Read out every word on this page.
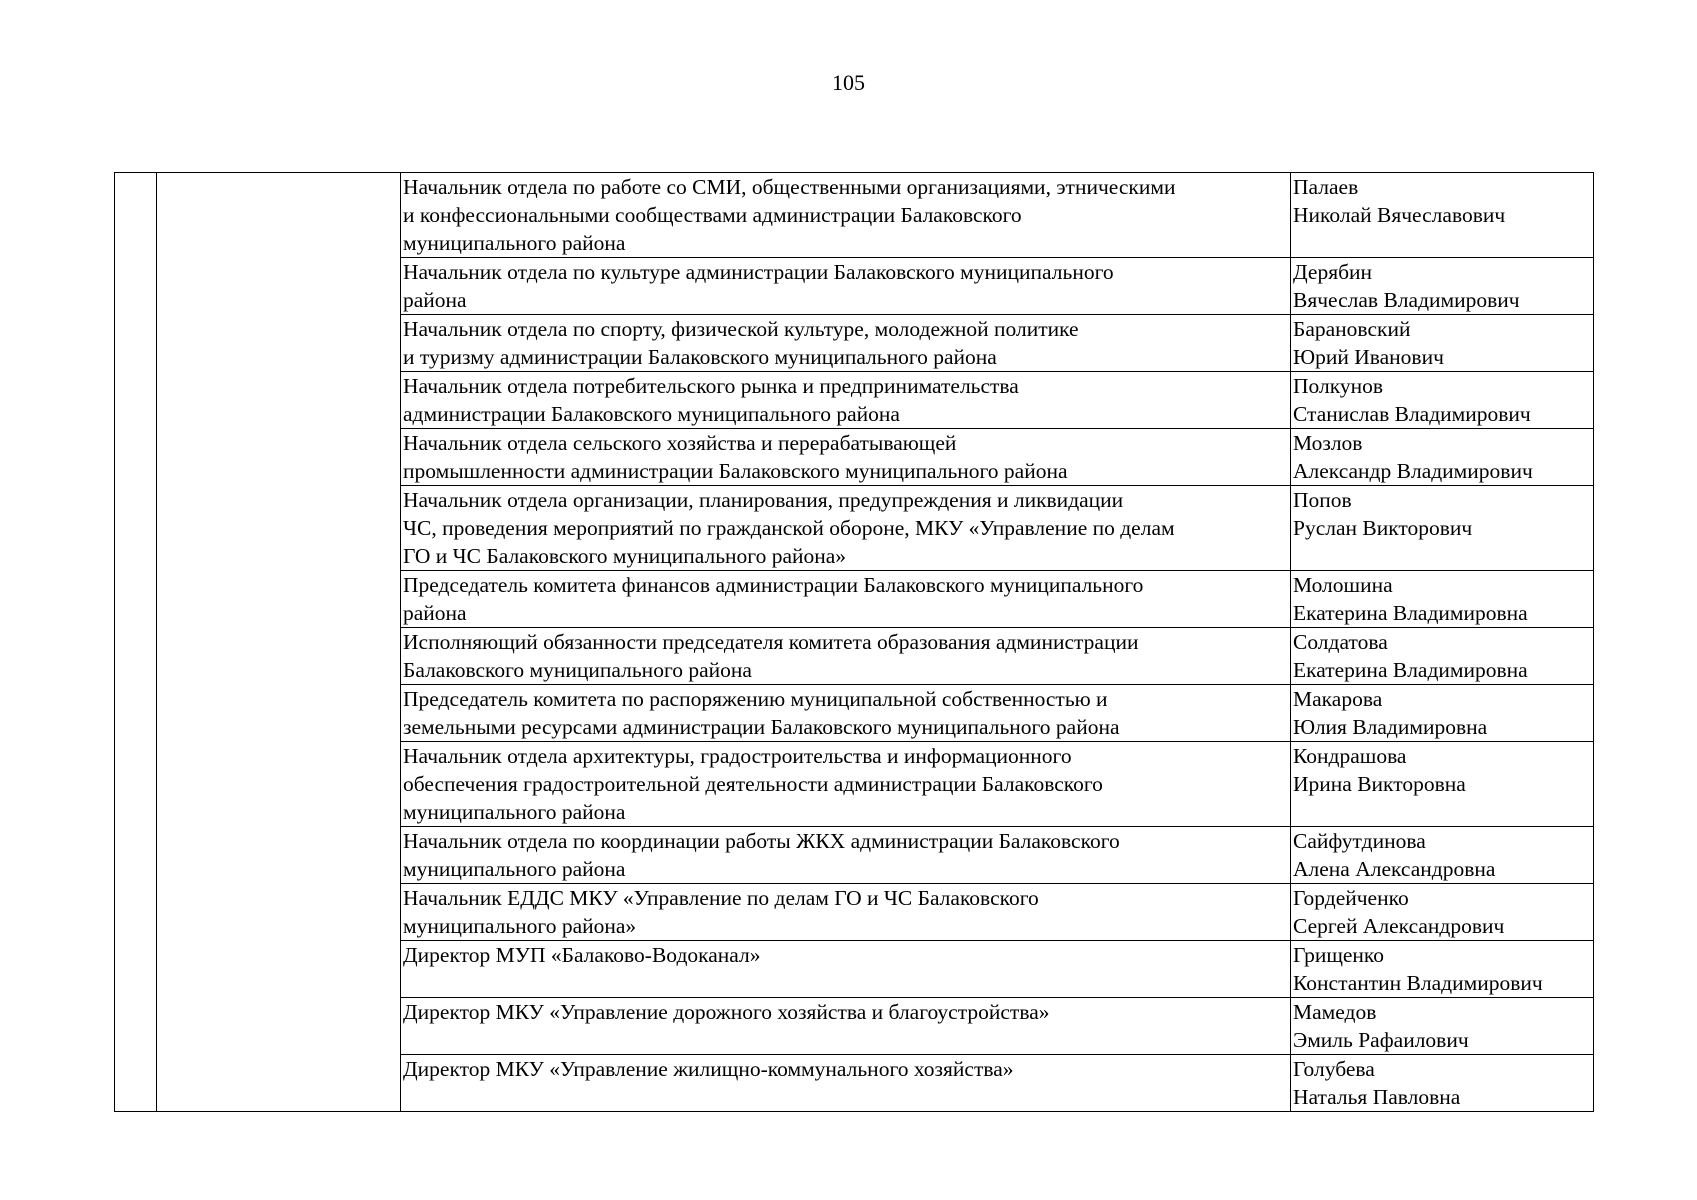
105

		Начальник отдела по работе со СМИ, общественными организациями, этническими
и конфессиональными сообществами администрации Балаковского
муниципального района	Палаев
Николай Вячеславович

		Начальник отдела по культуре администрации Балаковского муниципального
района	Дерябин
Вячеслав Владимирович

		Начальник отдела по спорту, физической культуре, молодежной политике
и туризму администрации Балаковского муниципального района	Барановский
Юрий Иванович

		Начальник отдела потребительского рынка и предпринимательства
администрации Балаковского муниципального района	Полкунов
Станислав Владимирович

		Начальник отдела сельского хозяйства и перерабатывающей
промышленности администрации Балаковского муниципального района	Мозлов
Александр Владимирович

		Начальник отдела организации, планирования, предупреждения и ликвидации
ЧС, проведения мероприятий по гражданской обороне, МКУ «Управление по делам
ГО и ЧС Балаковского муниципального района»	Попов
Руслан Викторович

		Председатель комитета финансов администрации Балаковского муниципального
района	Молошина
Екатерина Владимировна

		Исполняющий обязанности председателя комитета образования администрации
Балаковского муниципального района	Солдатова
Екатерина Владимировна

		Председатель комитета по распоряжению муниципальной собственностью и
земельными ресурсами администрации Балаковского муниципального района	Макарова
Юлия Владимировна

		Начальник отдела архитектуры, градостроительства и информационного
обеспечения градостроительной деятельности администрации Балаковского
муниципального района	Кондрашова
Ирина Викторовна

		Начальник отдела по координации работы ЖКХ администрации Балаковского
муниципального района	Сайфутдинова
Алена Александровна

		Начальник ЕДДС МКУ «Управление по делам ГО и ЧС Балаковского
муниципального района»	Гордейченко
Сергей Александрович

		Директор МУП «Балаково-Водоканал»	Грищенко
Константин Владимирович

		Директор МКУ «Управление дорожного хозяйства и благоустройства»	Мамедов
Эмиль Рафаилович

		Директор МКУ «Управление жилищно-коммунального хозяйства»	Голубева
Наталья Павловна
